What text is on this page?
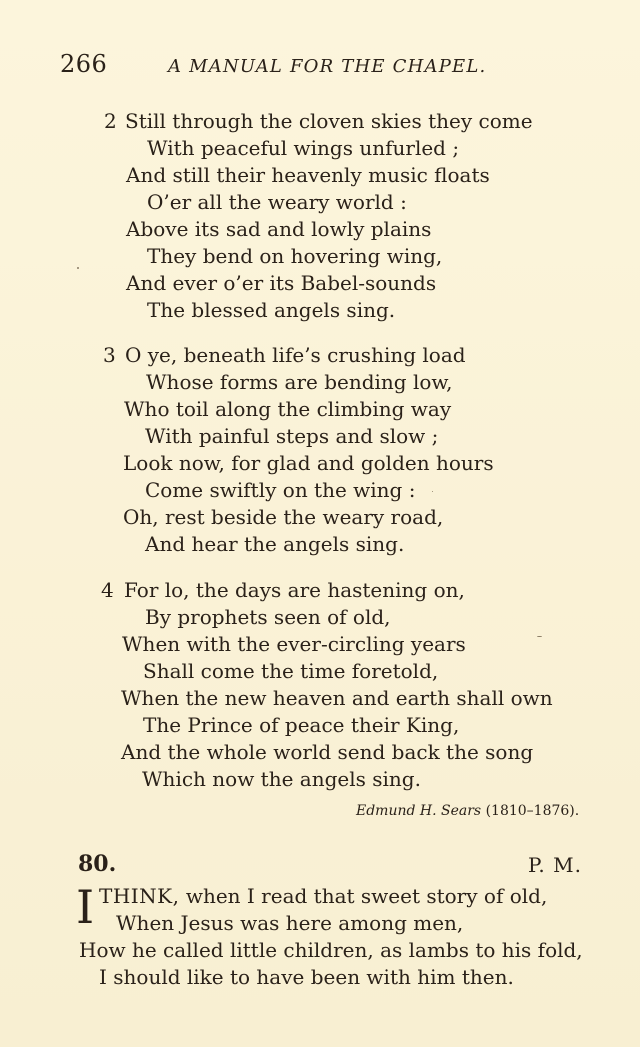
266	A MANUAL FOR THE CHAPEL.
2 Still through the cloven skies they come
With peaceful wings unfurled ;
And still their heavenly music floats
O’er all the weary world :
Above its sad and lowly plains
They bend on hovering wing,
And ever o’er its Babel-sounds
The blessed angels sing.
3 O ye, beneath life’s crushing load
Whose forms are bending low,
Who toil along the climbing way
With painful steps and slow ;
Look now, for glad and golden hours
Come swiftly on the wing :
Oh, rest beside the weary road,
And hear the angels sing.
4 For lo, the days are hastening on,
By prophets seen of old,
When with the ever-circling years
Shall come the time foretold,
When the new heaven and earth shall own
The Prince of peace their King,
And the whole world send back the song
Which now the angels sing.
Edmund H. Sears (1810–1876).
80.	P. M.
I THINK, when I read that sweet story of old,
When Jesus was here among men,
How he called little children, as lambs to his fold,
I should like to have been with him then.
